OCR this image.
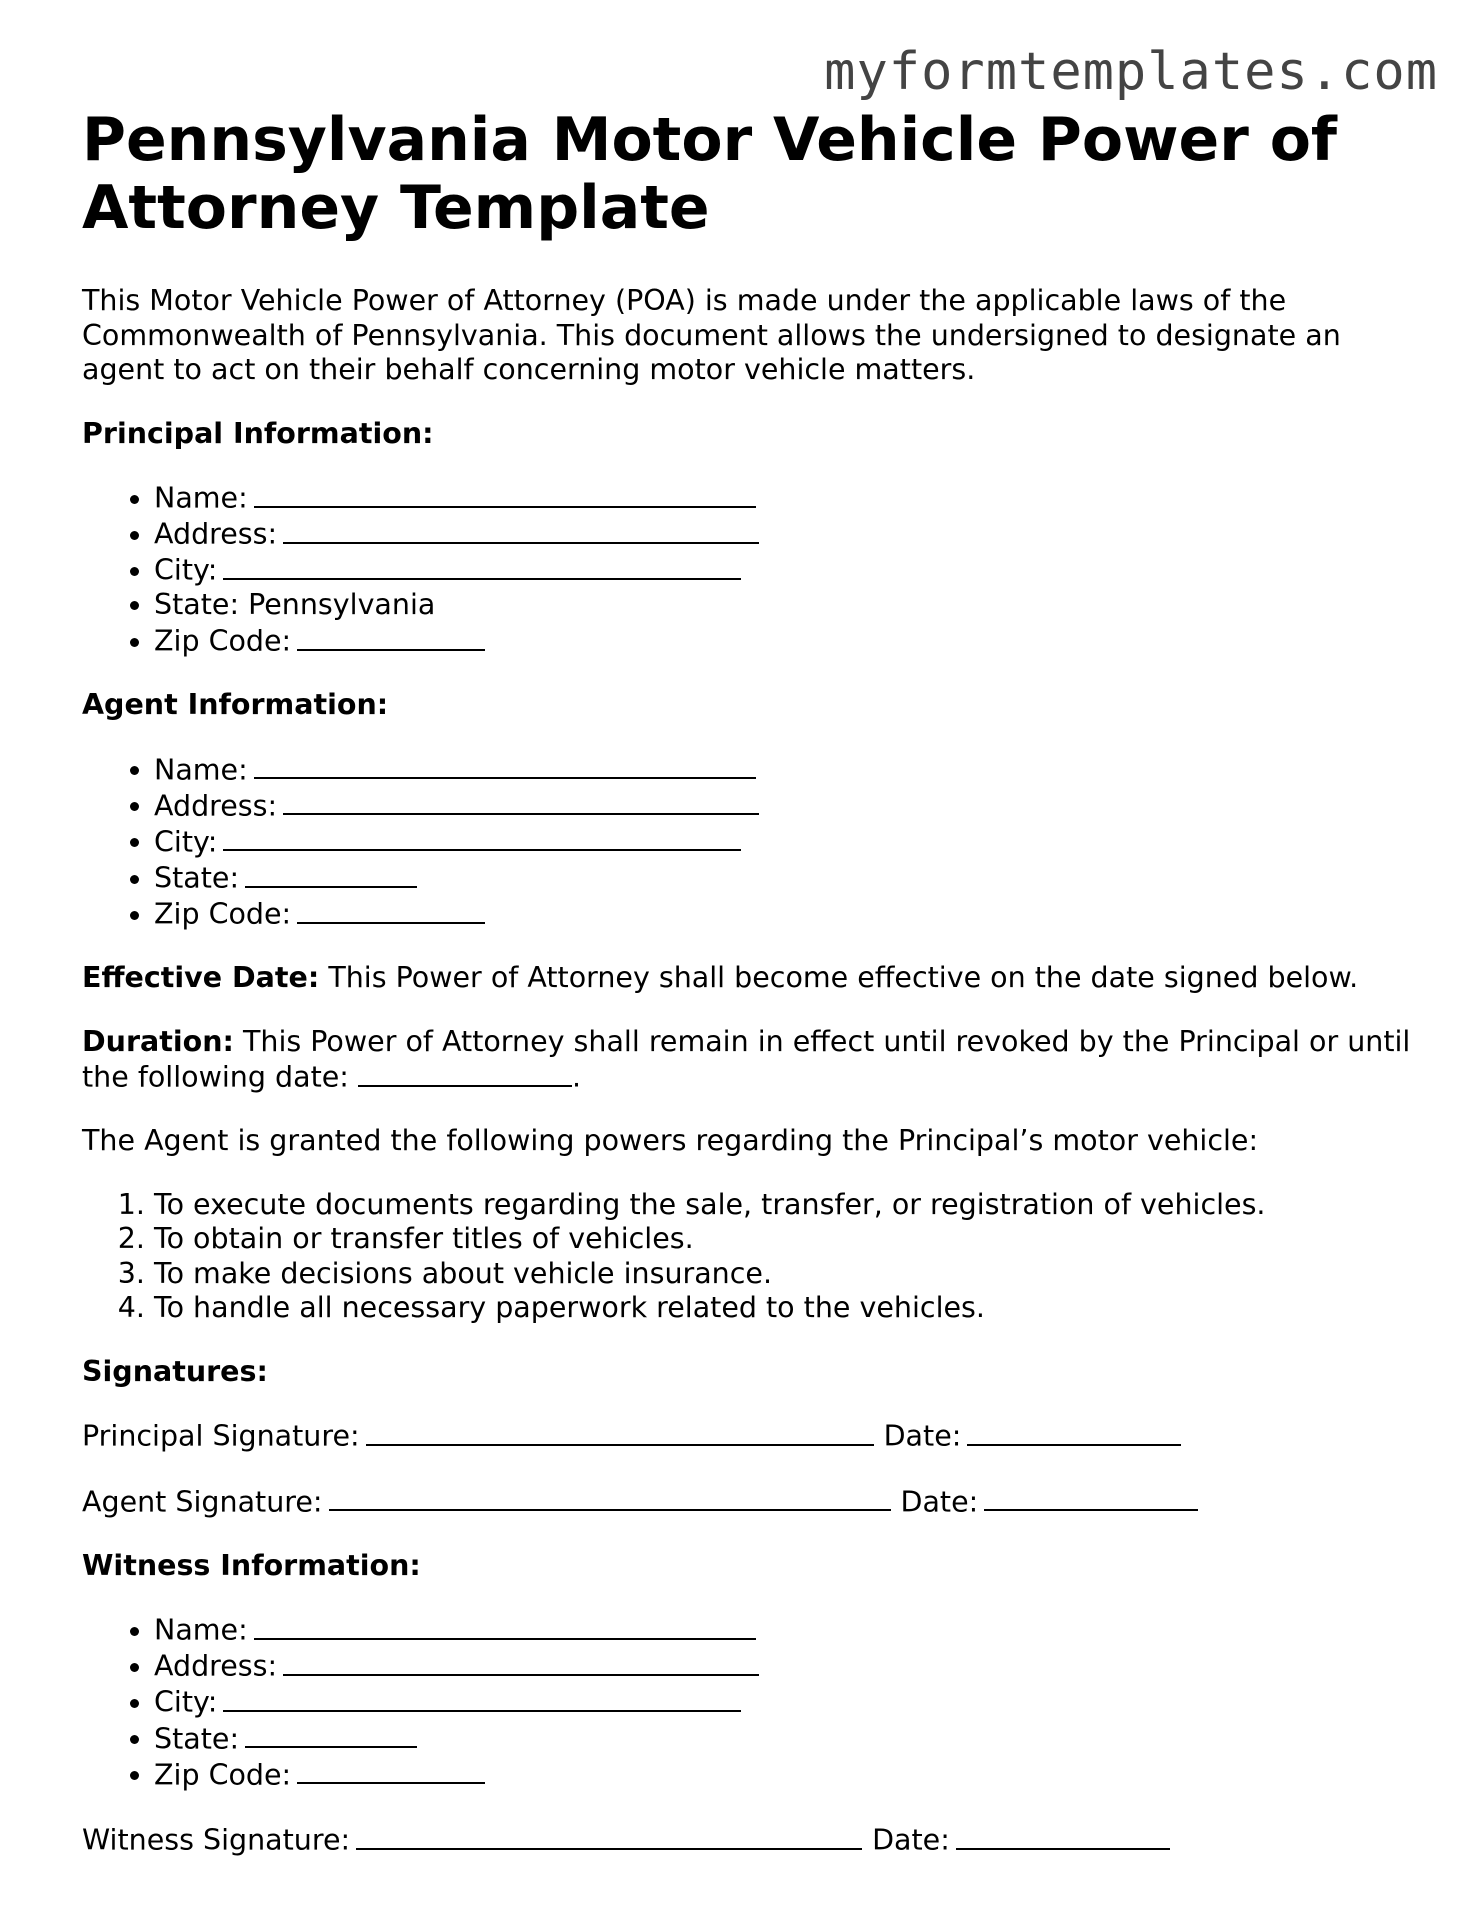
myformtemplates.com
Pennsylvania Motor Vehicle Power of Attorney Template

This Motor Vehicle Power of Attorney (POA) is made under the applicable laws of the Commonwealth of Pennsylvania. This document allows the undersigned to designate an agent to act on their behalf concerning motor vehicle matters.

Principal Information:
• Name:
• Address:
• City:
• State: Pennsylvania
• Zip Code:
Agent Information:
• Name:
• Address:
• City:
• State:
• Zip Code:

Effective Date: This Power of Attorney shall become effective on the date signed below.

Duration: This Power of Attorney shall remain in effect until revoked by the Principal or until the following date:	.

The Agent is granted the following powers regarding the Principal’s motor vehicle:

1. To execute documents regarding the sale, transfer, or registration of vehicles.
2. To obtain or transfer titles of vehicles.
3. To make decisions about vehicle insurance.
4. To handle all necessary paperwork related to the vehicles.
Signatures:
Principal Signature:	Date:
Agent Signature:	Date:
Witness Information:
• Name:
• Address:
• City:
• State:
• Zip Code:
Witness Signature:	Date:
